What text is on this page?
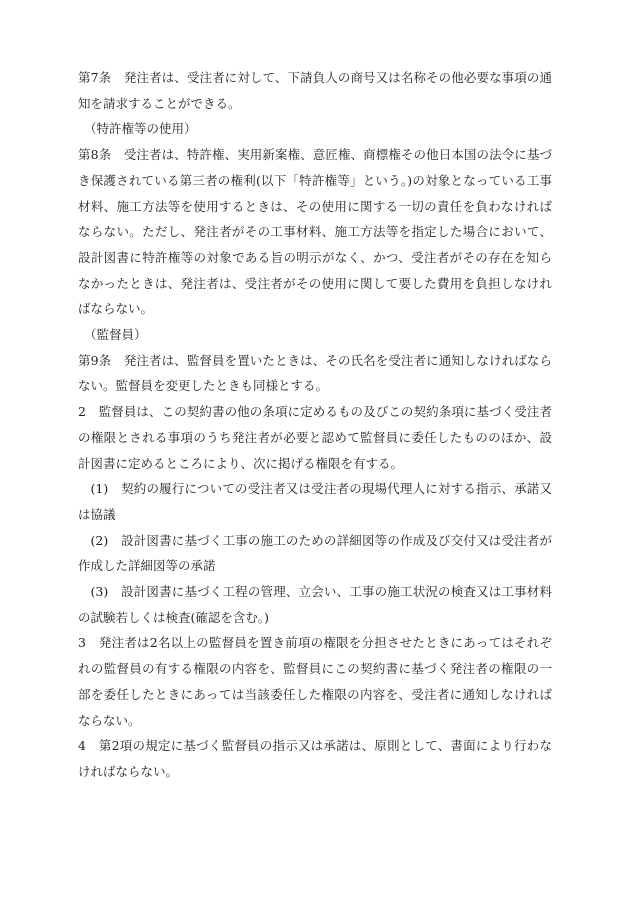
第7条　発注者は、受注者に対して、下請負人の商号又は名称その他必要な事項の通知を請求することができる。

（特許権等の使用）

第8条　受注者は、特許権、実用新案権、意匠権、商標権その他日本国の法令に基づき保護されている第三者の権利(以下「特許権等」という。)の対象となっている工事材料、施工方法等を使用するときは、その使用に関する一切の責任を負わなければならない。ただし、発注者がその工事材料、施工方法等を指定した場合において、設計図書に特許権等の対象である旨の明示がなく、かつ、受注者がその存在を知らなかったときは、発注者は、受注者がその使用に関して要した費用を負担しなければならない。

（監督員）

第9条　発注者は、監督員を置いたときは、その氏名を受注者に通知しなければならない。監督員を変更したときも同様とする。

2　監督員は、この契約書の他の条項に定めるもの及びこの契約条項に基づく受注者の権限とされる事項のうち発注者が必要と認めて監督員に委任したもののほか、設計図書に定めるところにより、次に掲げる権限を有する。

(1)　契約の履行についての受注者又は受注者の現場代理人に対する指示、承諾又は協議

(2)　設計図書に基づく工事の施工のための詳細図等の作成及び交付又は受注者が作成した詳細図等の承諾

(3)　設計図書に基づく工程の管理、立会い、工事の施工状況の検査又は工事材料の試験若しくは検査(確認を含む。)

3　発注者は2名以上の監督員を置き前項の権限を分担させたときにあってはそれぞれの監督員の有する権限の内容を、監督員にこの契約書に基づく発注者の権限の一部を委任したときにあっては当該委任した権限の内容を、受注者に通知しなければならない。

4　第2項の規定に基づく監督員の指示又は承諾は、原則として、書面により行わなければならない。
